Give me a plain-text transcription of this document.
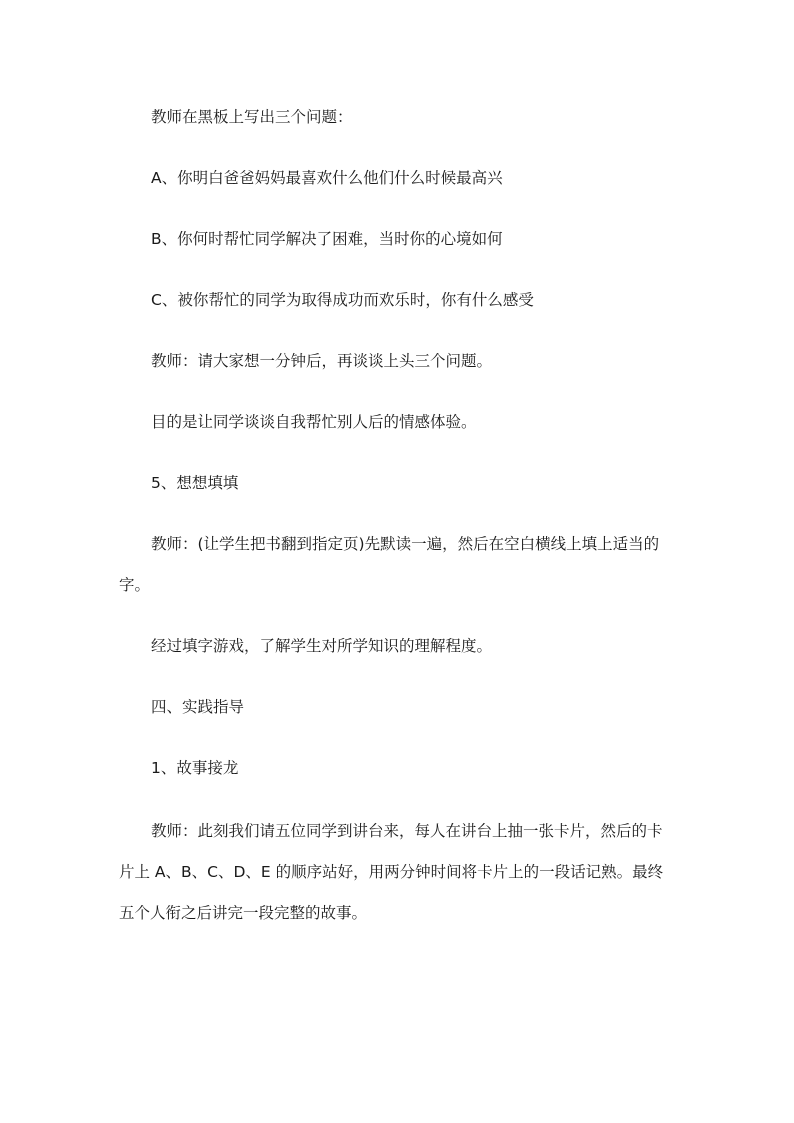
教师在黑板上写出三个问题：

A、你明白爸爸妈妈最喜欢什么他们什么时候最高兴

B、你何时帮忙同学解决了困难，当时你的心境如何

C、被你帮忙的同学为取得成功而欢乐时，你有什么感受

教师：请大家想一分钟后，再谈谈上头三个问题。

目的是让同学谈谈自我帮忙别人后的情感体验。

5、想想填填

教师：(让学生把书翻到指定页)先默读一遍，然后在空白横线上填上适当的
字。

经过填字游戏，了解学生对所学知识的理解程度。

四、实践指导

1、故事接龙

教师：此刻我们请五位同学到讲台来，每人在讲台上抽一张卡片，然后的卡
片上 A、B、C、D、E 的顺序站好，用两分钟时间将卡片上的一段话记熟。最终
五个人衔之后讲完一段完整的故事。
